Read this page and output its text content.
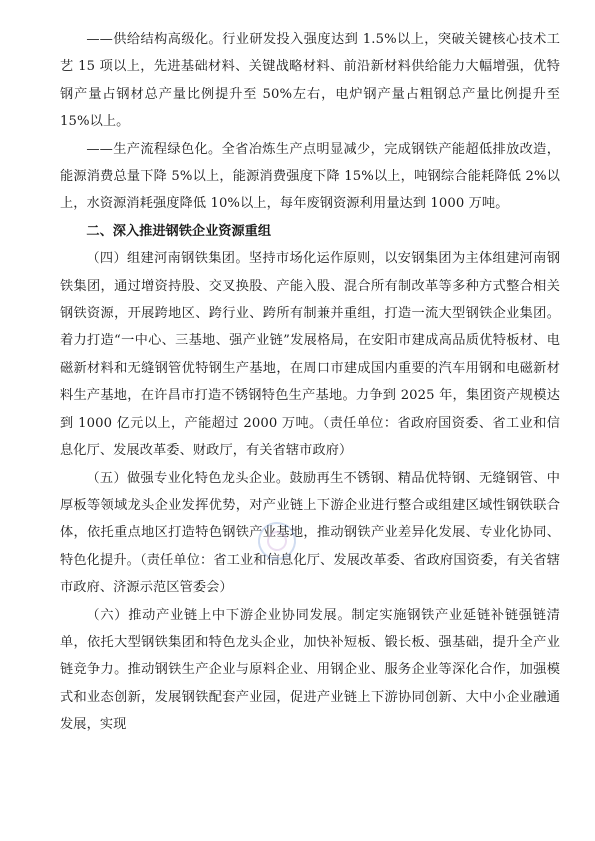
——供给结构高级化。行业研发投入强度达到 1.5%以上，突破关键核心技术工艺 15 项以上，先进基础材料、关键战略材料、前沿新材料供给能力大幅增强，优特钢产量占钢材总产量比例提升至 50%左右，电炉钢产量占粗钢总产量比例提升至 15%以上。

——生产流程绿色化。全省冶炼生产点明显减少，完成钢铁产能超低排放改造，能源消费总量下降 5%以上，能源消费强度下降 15%以上，吨钢综合能耗降低 2%以上，水资源消耗强度降低 10%以上，每年废钢资源利用量达到 1000 万吨。

二、深入推进钢铁企业资源重组

（四）组建河南钢铁集团。坚持市场化运作原则，以安钢集团为主体组建河南钢铁集团，通过增资持股、交叉换股、产能入股、混合所有制改革等多种方式整合相关钢铁资源，开展跨地区、跨行业、跨所有制兼并重组，打造一流大型钢铁企业集团。着力打造“一中心、三基地、强产业链”发展格局，在安阳市建成高品质优特板材、电磁新材料和无缝钢管优特钢生产基地，在周口市建成国内重要的汽车用钢和电磁新材料生产基地，在许昌市打造不锈钢特色生产基地。力争到 2025 年，集团资产规模达到 1000 亿元以上，产能超过 2000 万吨。（责任单位：省政府国资委、省工业和信息化厅、发展改革委、财政厅，有关省辖市政府）

（五）做强专业化特色龙头企业。鼓励再生不锈钢、精品优特钢、无缝钢管、中厚板等领域龙头企业发挥优势，对产业链上下游企业进行整合或组建区域性钢铁联合体，依托重点地区打造特色钢铁产业基地，推动钢铁产业差异化发展、专业化协同、特色化提升。（责任单位：省工业和信息化厅、发展改革委、省政府国资委，有关省辖市政府、济源示范区管委会）

（六）推动产业链上中下游企业协同发展。制定实施钢铁产业延链补链强链清单，依托大型钢铁集团和特色龙头企业，加快补短板、锻长板、强基础，提升全产业链竞争力。推动钢铁生产企业与原料企业、用钢企业、服务企业等深化合作，加强模式和业态创新，发展钢铁配套产业园，促进产业链上下游协同创新、大中小企业融通发展，实现
